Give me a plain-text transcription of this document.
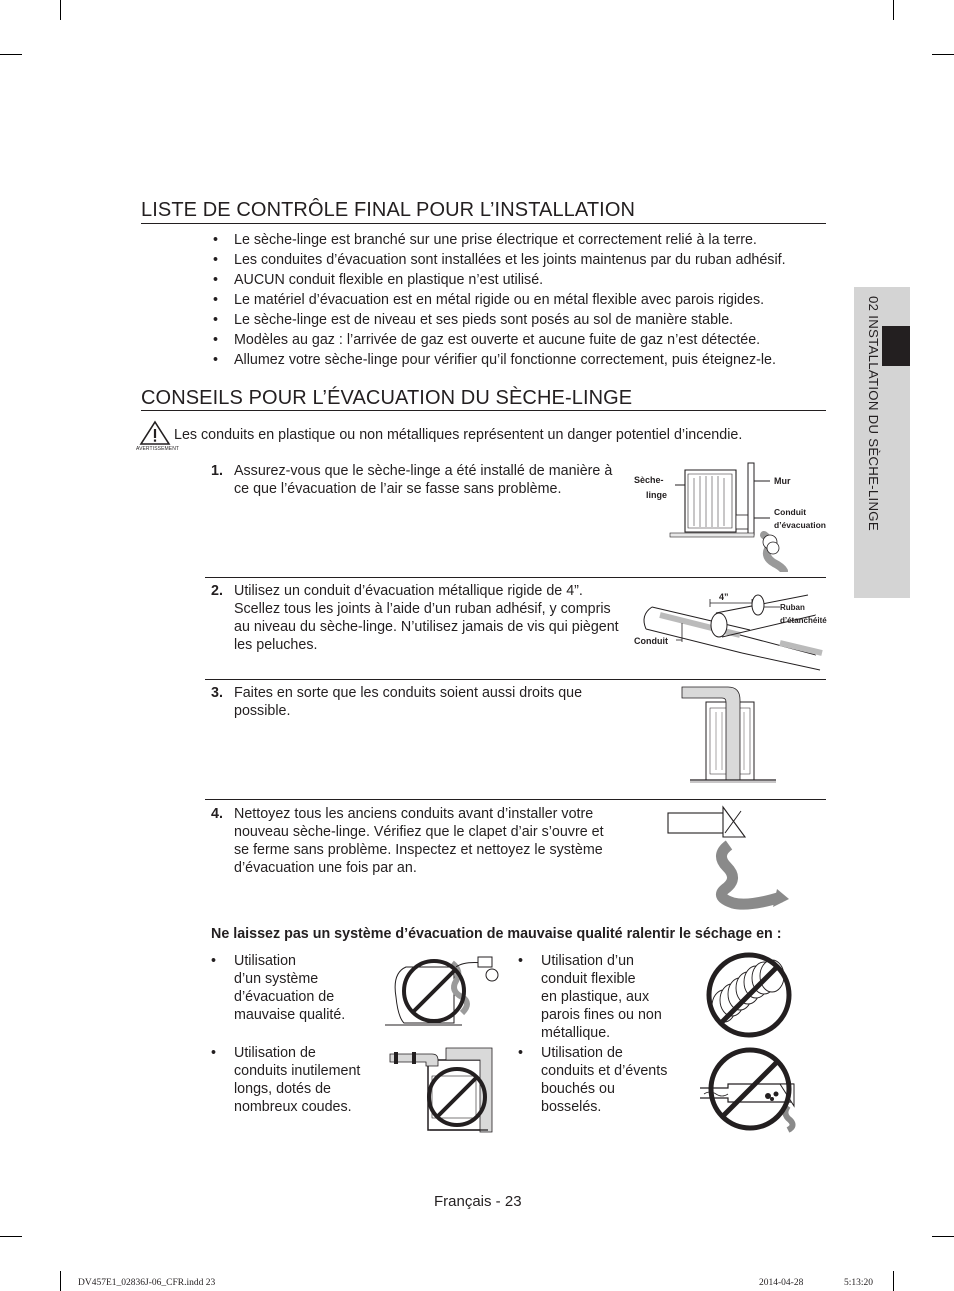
02 INSTALLATION DU SÈCHE-LINGE
LISTE DE CONTRÔLE FINAL POUR L’INSTALLATION
• Le sèche-linge est branché sur une prise électrique et correctement relié à la terre.
• Les conduites d’évacuation sont installées et les joints maintenus par du ruban adhésif.
• AUCUN conduit flexible en plastique n’est utilisé.
• Le matériel d’évacuation est en métal rigide ou en métal flexible avec parois rigides.
• Le sèche-linge est de niveau et ses pieds sont posés au sol de manière stable.
• Modèles au gaz : l’arrivée de gaz est ouverte et aucune fuite de gaz n’est détectée.
• Allumez votre sèche-linge pour vérifier qu’il fonctionne correctement, puis éteignez-le.
CONSEILS POUR L’ÉVACUATION DU SÈCHE-LINGE
AVERTISSEMENT
Les conduits en plastique ou non métalliques représentent un danger potentiel d’incendie.
1. Assurez-vous que le sèche-linge a été installé de manière à
ce que l’évacuation de l’air se fasse sans problème.
Sèche-
linge
Mur
Conduit
d’évacuation
2. Utilisez un conduit d’évacuation métallique rigide de 4”.
Scellez tous les joints à l’aide d’un ruban adhésif, y compris
au niveau du sèche-linge. N’utilisez jamais de vis qui piègent
les peluches.
4”
Ruban
d’étanchéité
Conduit
3. Faites en sorte que les conduits soient aussi droits que
possible.
4. Nettoyez tous les anciens conduits avant d’installer votre
nouveau sèche-linge. Vérifiez que le clapet d’air s’ouvre et
se ferme sans problème. Inspectez et nettoyez le système
d’évacuation une fois par an.
Ne laissez pas un système d’évacuation de mauvaise qualité ralentir le séchage en :
• Utilisation
d’un système
d’évacuation de
mauvaise qualité.
• Utilisation de
conduits inutilement
longs, dotés de
nombreux coudes.
• Utilisation d’un
conduit flexible
en plastique, aux
parois fines ou non
métallique.
• Utilisation de
conduits et d’évents
bouchés ou
bosselés.
Français - 23
DV457E1_02836J-06_CFR.indd 23	2014-04-28	5:13:20
